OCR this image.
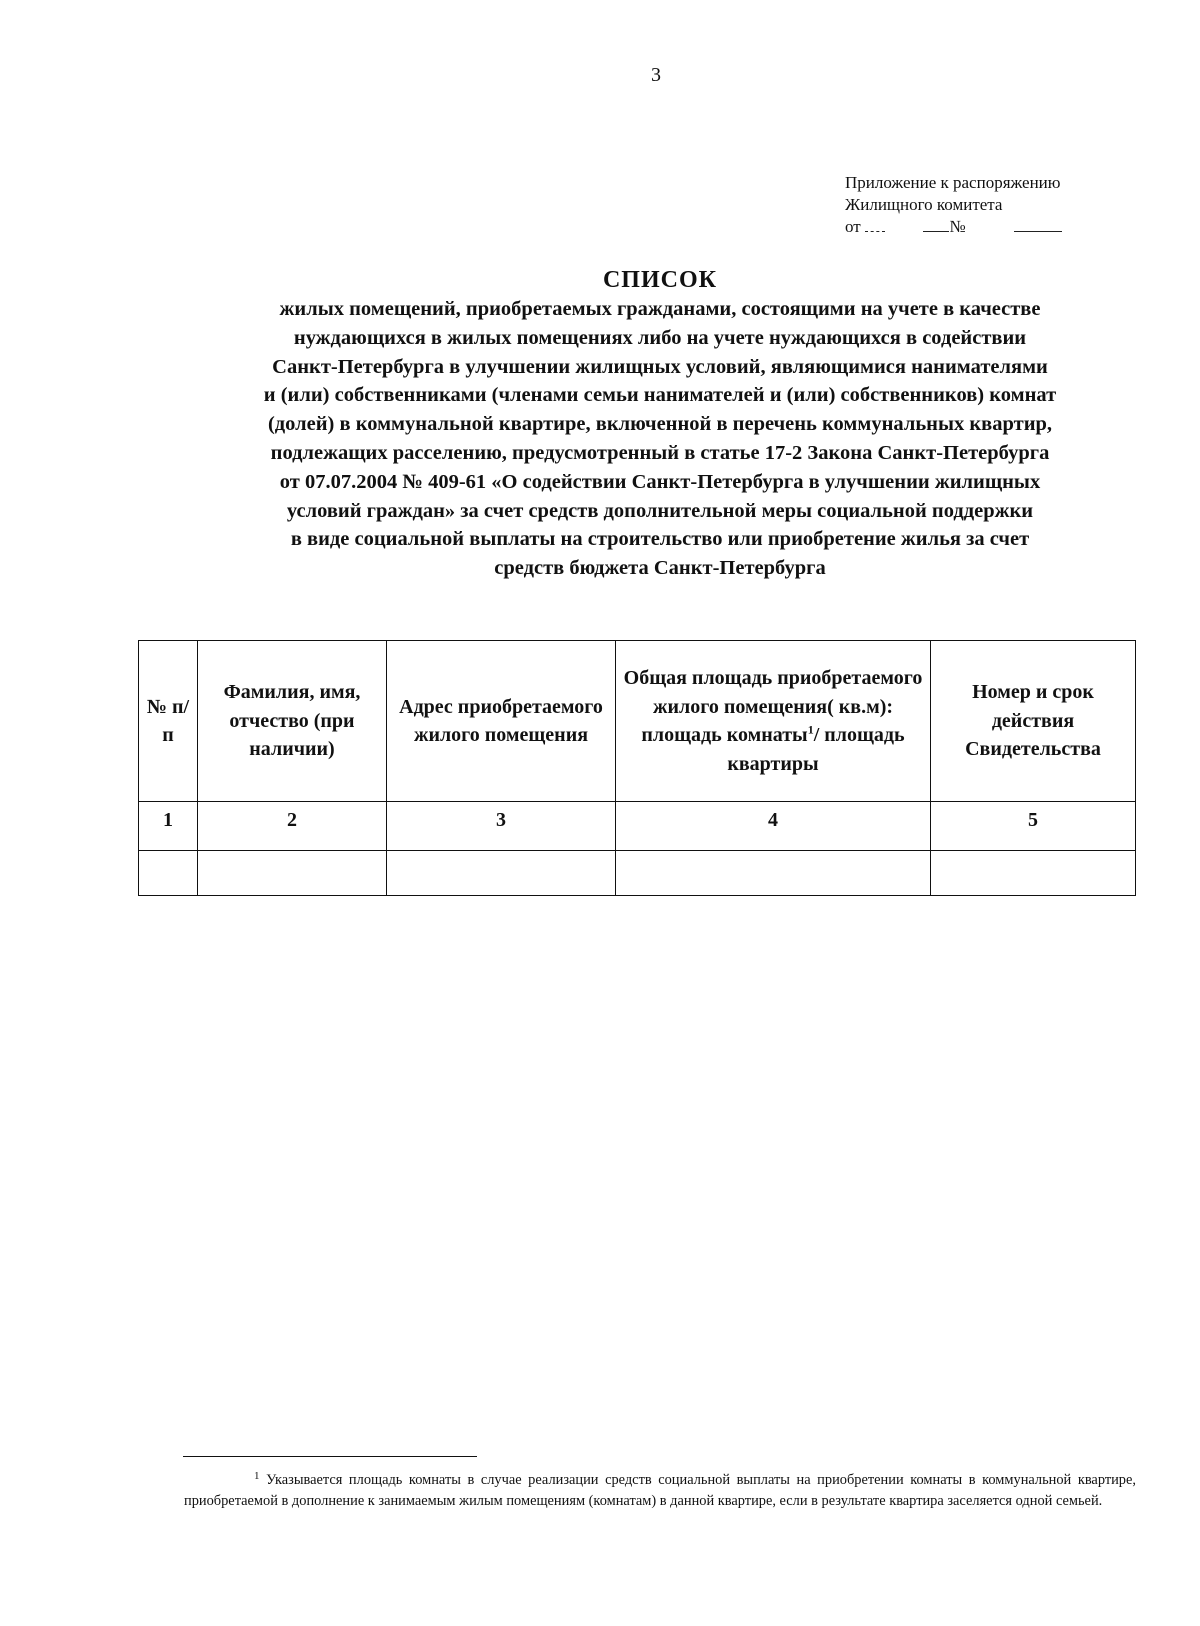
3
Приложение к распоряжению
Жилищного комитета
от	№
СПИСОК
жилых помещений, приобретаемых гражданами, состоящими на учете в качестве
нуждающихся в жилых помещениях либо на учете нуждающихся в содействии
Санкт-Петербурга в улучшении жилищных условий, являющимися нанимателями
и (или) собственниками (членами семьи нанимателей и (или) собственников) комнат
(долей) в коммунальной квартире, включенной в перечень коммунальных квартир,
подлежащих расселению, предусмотренный в статье 17-2 Закона Санкт-Петербурга
от 07.07.2004 № 409-61 «О содействии Санкт-Петербурга в улучшении жилищных
условий граждан» за счет средств дополнительной меры социальной поддержки
в виде социальной выплаты на строительство или приобретение жилья за счет
средств бюджета Санкт-Петербурга
№ п/п	Фамилия, имя, отчество (при наличии)	Адрес приобретаемого жилого помещения	Общая площадь приобретаемого жилого помещения( кв.м): площадь комнаты$^1$/ площадь квартиры	Номер и срок действия Свидетельства
1	2	3	4	5

$^1$ Указывается площадь комнаты в случае реализации средств социальной выплаты на приобретении комнаты в коммунальной квартире, приобретаемой в дополнение к занимаемым жилым помещениям (комнатам) в данной квартире, если в результате квартира заселяется одной семьей.
